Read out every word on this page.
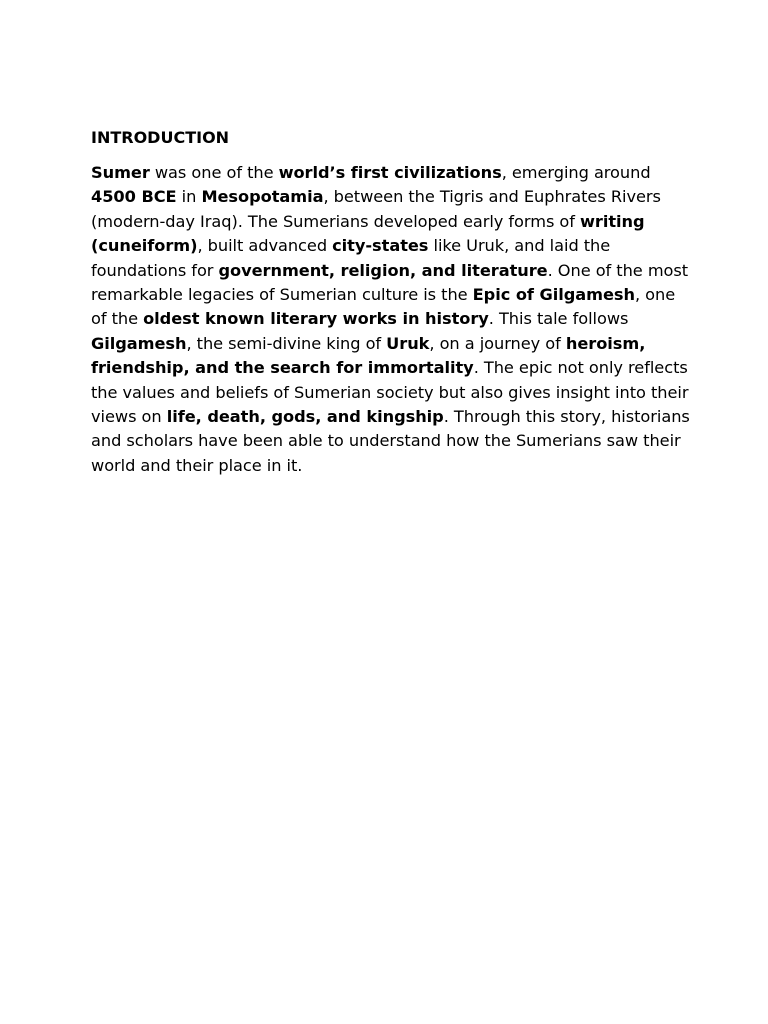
INTRODUCTION

Sumer was one of the world’s first civilizations, emerging around 4500 BCE in Mesopotamia, between the Tigris and Euphrates Rivers (modern-day Iraq). The Sumerians developed early forms of writing (cuneiform), built advanced city-states like Uruk, and laid the foundations for government, religion, and literature. One of the most remarkable legacies of Sumerian culture is the Epic of Gilgamesh, one of the oldest known literary works in history. This tale follows Gilgamesh, the semi-divine king of Uruk, on a journey of heroism, friendship, and the search for immortality. The epic not only reflects the values and beliefs of Sumerian society but also gives insight into their views on life, death, gods, and kingship. Through this story, historians and scholars have been able to understand how the Sumerians saw their world and their place in it.
